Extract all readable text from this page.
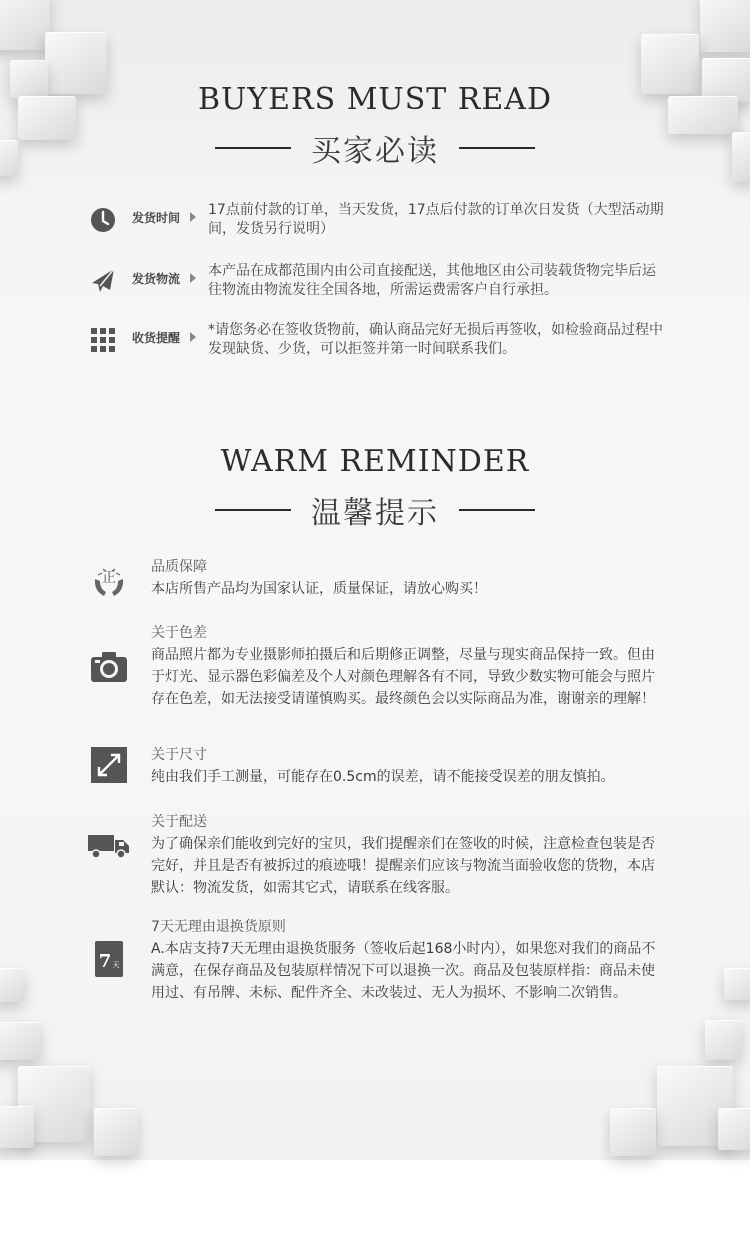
BUYERS MUST READ
买家必读
发货时间 17点前付款的订单，当天发货，17点后付款的订单次日发货（大型活动期间，发货另行说明）

发货物流 本产品在成都范围内由公司直接配送，其他地区由公司装载货物完毕后运往物流由物流发往全国各地，所需运费需客户自行承担。

收货提醒 *请您务必在签收货物前，确认商品完好无损后再签收，如检验商品过程中发现缺货、少货，可以拒签并第一时间联系我们。

WARM REMINDER
温馨提示
正
品质保障

本店所售产品均为国家认证，质量保证，请放心购买！

关于色差

商品照片都为专业摄影师拍摄后和后期修正调整，尽量与现实商品保持一致。但由于灯光、显示器色彩偏差及个人对颜色理解各有不同，导致少数实物可能会与照片存在色差，如无法接受请谨慎购买。最终颜色会以实际商品为准，谢谢亲的理解！

关于尺寸

纯由我们手工测量，可能存在0.5cm的误差，请不能接受误差的朋友慎拍。

关于配送

为了确保亲们能收到完好的宝贝，我们提醒亲们在签收的时候，注意检查包装是否完好，并且是否有被拆过的痕迹哦！提醒亲们应该与物流当面验收您的货物，本店默认：物流发货，如需其它式，请联系在线客服。

7 天
7天无理由退换货原则

A.本店支持7天无理由退换货服务（签收后起168小时内），如果您对我们的商品不满意，在保存商品及包装原样情况下可以退换一次。商品及包装原样指：商品未使用过、有吊牌、未标、配件齐全、未改装过、无人为损坏、不影响二次销售。
